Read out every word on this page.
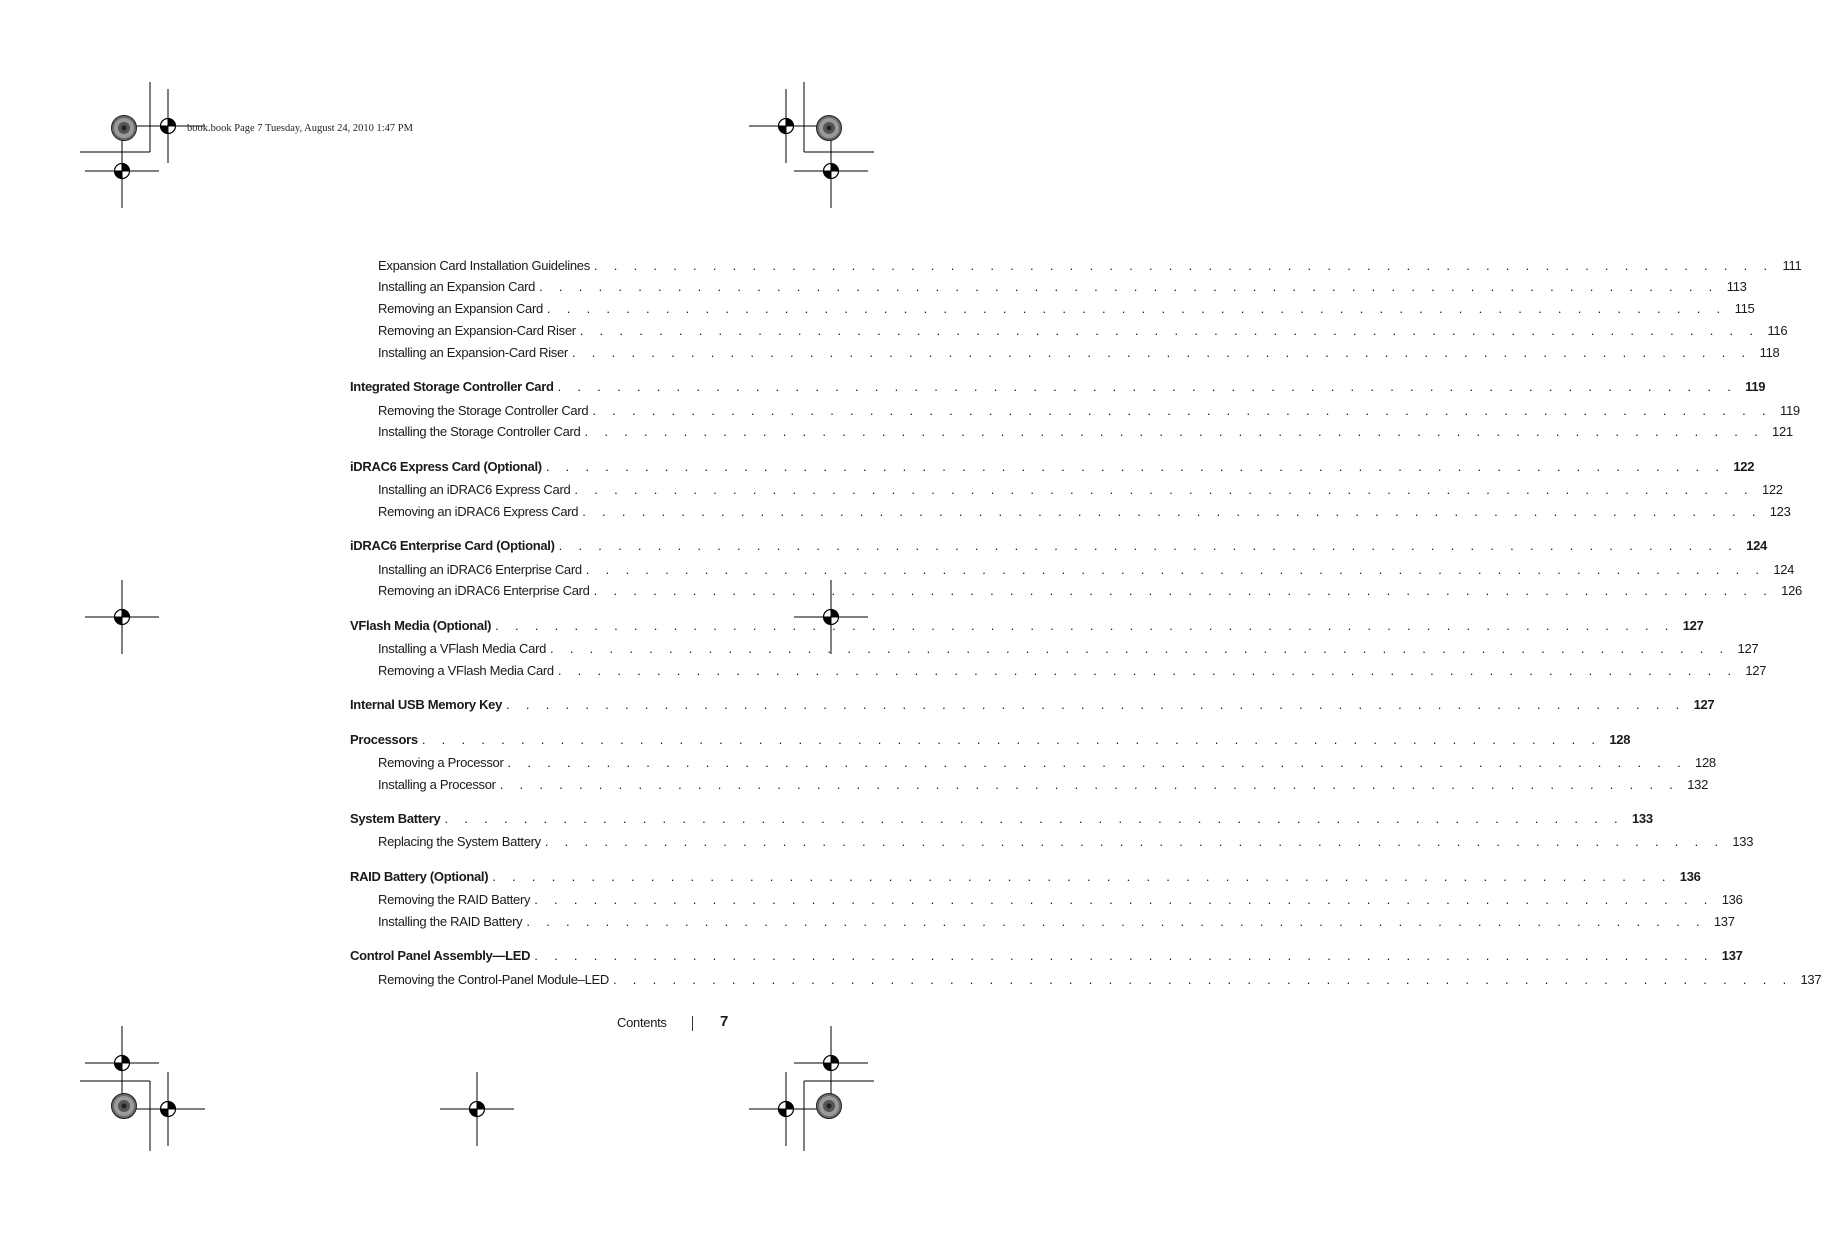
book.book Page 7 Tuesday, August 24, 2010 1:47 PM
Expansion Card Installation Guidelines . . . . . . . . . . . . . . . . . . . . . . . . . . . . . . . . . . . . . . . . . . . . . . . . . . . . . . . . . . . . 111
Installing an Expansion Card . . . . . . . . . . . . . . . . . . . . . . . . . . . . . . . . . . . . . . . . . . . . . . . . . . . . . . . . . . . . 113
Removing an Expansion Card . . . . . . . . . . . . . . . . . . . . . . . . . . . . . . . . . . . . . . . . . . . . . . . . . . . . . . . . . . . . 115
Removing an Expansion-Card Riser . . . . . . . . . . . . . . . . . . . . . . . . . . . . . . . . . . . . . . . . . . . . . . . . . . . . . . . . . . . . 116
Installing an Expansion-Card Riser . . . . . . . . . . . . . . . . . . . . . . . . . . . . . . . . . . . . . . . . . . . . . . . . . . . . . . . . . . . . 118
Integrated Storage Controller Card . . . . . . . . . . . . . . . . . . . . . . . . . . . . . . . . . . . . . . . . . . . . . . . . . . . . . . . . . . . . 119
Removing the Storage Controller Card . . . . . . . . . . . . . . . . . . . . . . . . . . . . . . . . . . . . . . . . . . . . . . . . . . . . . . . . . . . . 119
Installing the Storage Controller Card . . . . . . . . . . . . . . . . . . . . . . . . . . . . . . . . . . . . . . . . . . . . . . . . . . . . . . . . . . . . 121
iDRAC6 Express Card (Optional) . . . . . . . . . . . . . . . . . . . . . . . . . . . . . . . . . . . . . . . . . . . . . . . . . . . . . . . . . . . . 122
Installing an iDRAC6 Express Card . . . . . . . . . . . . . . . . . . . . . . . . . . . . . . . . . . . . . . . . . . . . . . . . . . . . . . . . . . . . 122
Removing an iDRAC6 Express Card . . . . . . . . . . . . . . . . . . . . . . . . . . . . . . . . . . . . . . . . . . . . . . . . . . . . . . . . . . . . 123
iDRAC6 Enterprise Card (Optional) . . . . . . . . . . . . . . . . . . . . . . . . . . . . . . . . . . . . . . . . . . . . . . . . . . . . . . . . . . . . 124
Installing an iDRAC6 Enterprise Card . . . . . . . . . . . . . . . . . . . . . . . . . . . . . . . . . . . . . . . . . . . . . . . . . . . . . . . . . . . . 124
Removing an iDRAC6 Enterprise Card . . . . . . . . . . . . . . . . . . . . . . . . . . . . . . . . . . . . . . . . . . . . . . . . . . . . . . . . . . . . 126
VFlash Media (Optional) . . . . . . . . . . . . . . . . . . . . . . . . . . . . . . . . . . . . . . . . . . . . . . . . . . . . . . . . . . . . 127
Installing a VFlash Media Card . . . . . . . . . . . . . . . . . . . . . . . . . . . . . . . . . . . . . . . . . . . . . . . . . . . . . . . . . . . . 127
Removing a VFlash Media Card . . . . . . . . . . . . . . . . . . . . . . . . . . . . . . . . . . . . . . . . . . . . . . . . . . . . . . . . . . . . 127
Internal USB Memory Key . . . . . . . . . . . . . . . . . . . . . . . . . . . . . . . . . . . . . . . . . . . . . . . . . . . . . . . . . . . . 127
Processors . . . . . . . . . . . . . . . . . . . . . . . . . . . . . . . . . . . . . . . . . . . . . . . . . . . . . . . . . . . . 128
Removing a Processor . . . . . . . . . . . . . . . . . . . . . . . . . . . . . . . . . . . . . . . . . . . . . . . . . . . . . . . . . . . . 128
Installing a Processor . . . . . . . . . . . . . . . . . . . . . . . . . . . . . . . . . . . . . . . . . . . . . . . . . . . . . . . . . . . . 132
System Battery . . . . . . . . . . . . . . . . . . . . . . . . . . . . . . . . . . . . . . . . . . . . . . . . . . . . . . . . . . . . 133
Replacing the System Battery . . . . . . . . . . . . . . . . . . . . . . . . . . . . . . . . . . . . . . . . . . . . . . . . . . . . . . . . . . . . 133
RAID Battery (Optional) . . . . . . . . . . . . . . . . . . . . . . . . . . . . . . . . . . . . . . . . . . . . . . . . . . . . . . . . . . . . 136
Removing the RAID Battery . . . . . . . . . . . . . . . . . . . . . . . . . . . . . . . . . . . . . . . . . . . . . . . . . . . . . . . . . . . . 136
Installing the RAID Battery . . . . . . . . . . . . . . . . . . . . . . . . . . . . . . . . . . . . . . . . . . . . . . . . . . . . . . . . . . . . 137
Control Panel Assembly—LED . . . . . . . . . . . . . . . . . . . . . . . . . . . . . . . . . . . . . . . . . . . . . . . . . . . . . . . . . . . . 137
Removing the Control-Panel Module–LED . . . . . . . . . . . . . . . . . . . . . . . . . . . . . . . . . . . . . . . . . . . . . . . . . . . . . . . . . . . . 137
Contents	7
